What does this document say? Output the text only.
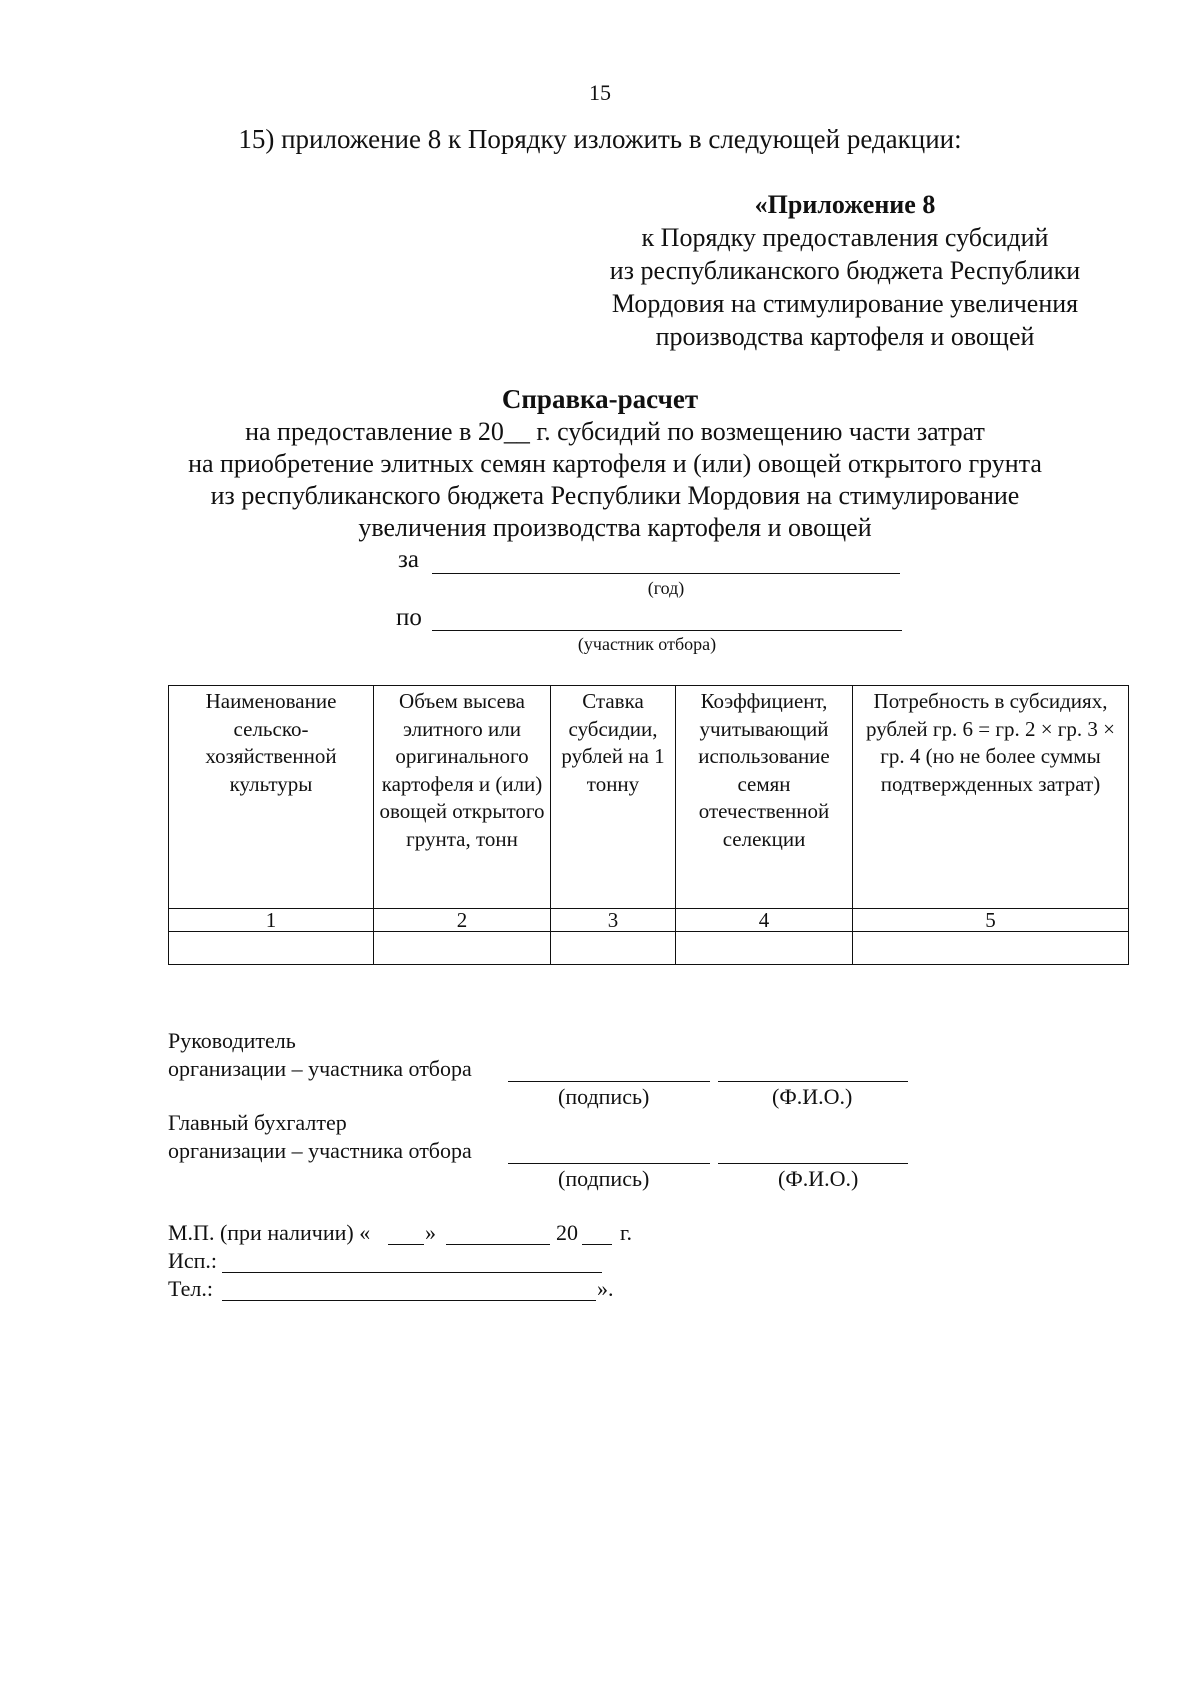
15
15) приложение 8 к Порядку изложить в следующей редакции:
«Приложение 8
к Порядку предоставления субсидий
из республиканского бюджета Республики
Мордовия на стимулирование увеличения
производства картофеля и овощей
Справка-расчет
на предоставление в 20__ г. субсидий по возмещению части затрат
на приобретение элитных семян картофеля и (или) овощей открытого грунта
из республиканского бюджета Республики Мордовия на стимулирование
увеличения производства картофеля и овощей
за
(год)
по
(участник отбора)
Наименование сельско-хозяйственной культуры	Объем высева элитного или оригинального картофеля и (или) овощей открытого грунта, тонн	Ставка субсидии, рублей на 1 тонну	Коэффициент, учитывающий использование семян отечественной селекции	Потребность в субсидиях, рублей гр. 6 = гр. 2 × гр. 3 × гр. 4 (но не более суммы подтвержденных затрат)
1	2	3	4	5

Руководитель
организации – участника отбора
(подпись)	(Ф.И.О.)
Главный бухгалтер
организации – участника отбора
(подпись)	(Ф.И.О.)
М.П. (при наличии) « »	20 г.
Исп.:
Тел.:	».
